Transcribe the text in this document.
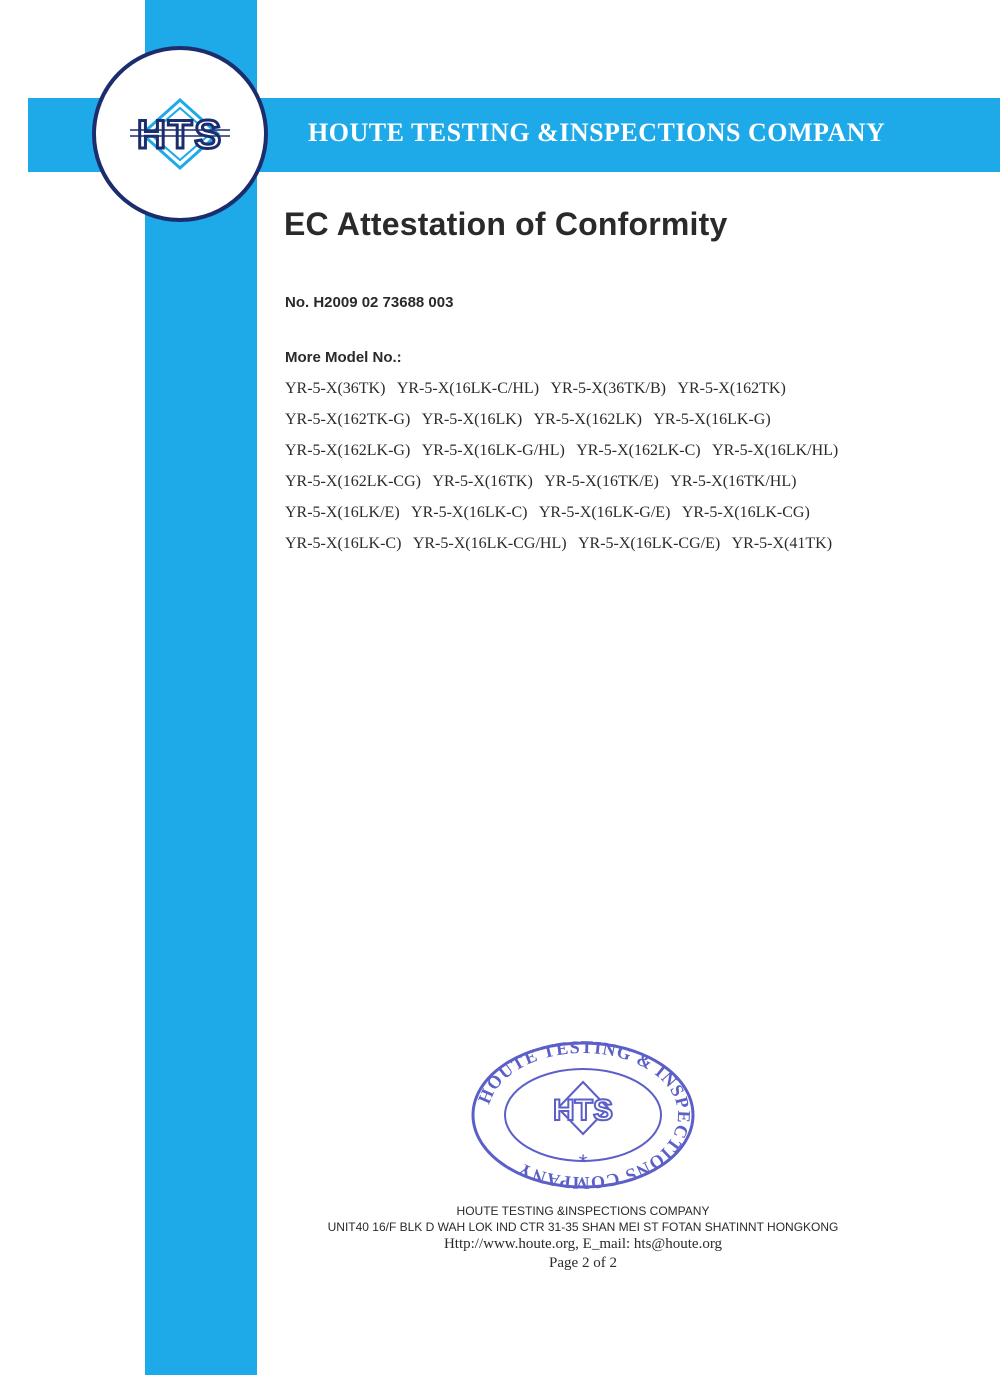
HOUTE TESTING &INSPECTIONS COMPANY
HTS
EC Attestation of Conformity
No. H2009 02 73688 003
More Model No.:
YR-5-X(36TK) YR-5-X(16LK-C/HL) YR-5-X(36TK/B) YR-5-X(162TK)
YR-5-X(162TK-G) YR-5-X(16LK) YR-5-X(162LK) YR-5-X(16LK-G)
YR-5-X(162LK-G) YR-5-X(16LK-G/HL) YR-5-X(162LK-C) YR-5-X(16LK/HL)
YR-5-X(162LK-CG) YR-5-X(16TK) YR-5-X(16TK/E) YR-5-X(16TK/HL)
YR-5-X(16LK/E) YR-5-X(16LK-C) YR-5-X(16LK-G/E) YR-5-X(16LK-CG)
YR-5-X(16LK-C) YR-5-X(16LK-CG/HL) YR-5-X(16LK-CG/E) YR-5-X(41TK)
HOUTE TESTING & INSPECTIONS COMPANY
HTS
*
HOUTE TESTING &INSPECTIONS COMPANY
UNIT40 16/F BLK D WAH LOK IND CTR 31-35 SHAN MEI ST FOTAN SHATINNT HONGKONG
Http://www.houte.org, E_mail: hts@houte.org
Page 2 of 2
